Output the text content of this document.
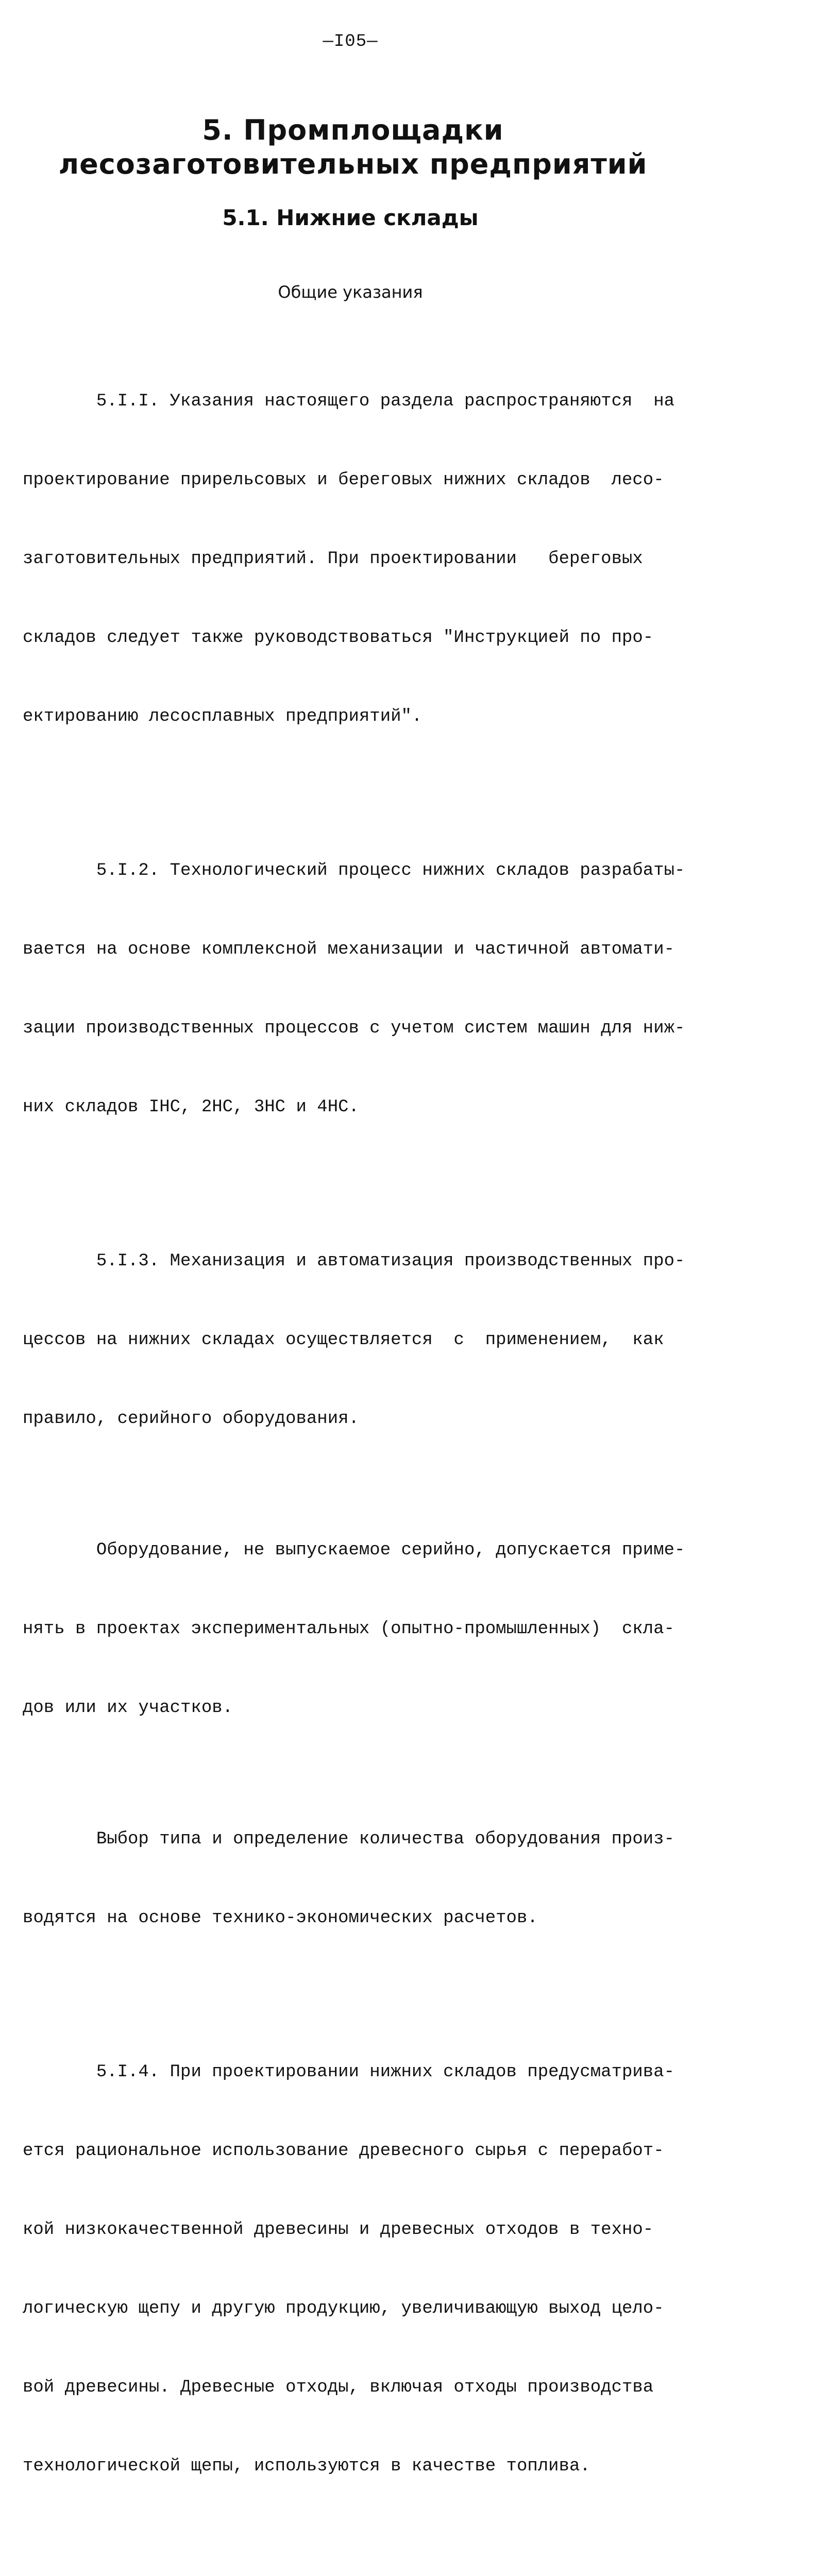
—I05—
5. Промплощадки
лесозаготовительных предприятий
5.1. Нижние склады
Общие указания

5.I.I. Указания настоящего раздела распространяются  на

проектирование прирельсовых и береговых нижних складов  лесо-

заготовительных предприятий. При проектировании   береговых

складов следует также руководствоваться "Инструкцией по про-

ектированию лесосплавных предприятий".

5.I.2. Технологический процесс нижних складов разрабаты-

вается на основе комплексной механизации и частичной автомати-

зации производственных процессов с учетом систем машин для ниж-

них складов IHC, 2HC, 3HC и 4HC.

5.I.3. Механизация и автоматизация производственных про-

цессов на нижних складах осуществляется  с  применением,  как

правило, серийного оборудования.

Оборудование, не выпускаемое серийно, допускается приме-

нять в проектах экспериментальных (опытно-промышленных)  скла-

дов или их участков.

Выбор типа и определение количества оборудования произ-

водятся на основе технико-экономических расчетов.

5.I.4. При проектировании нижних складов предусматрива-

ется рациональное использование древесного сырья с переработ-

кой низкокачественной древесины и древесных отходов в техно-

логическую щепу и другую продукцию, увеличивающую выход цело-

вой древесины. Древесные отходы, включая отходы производства

технологической щепы, используются в качестве топлива.
